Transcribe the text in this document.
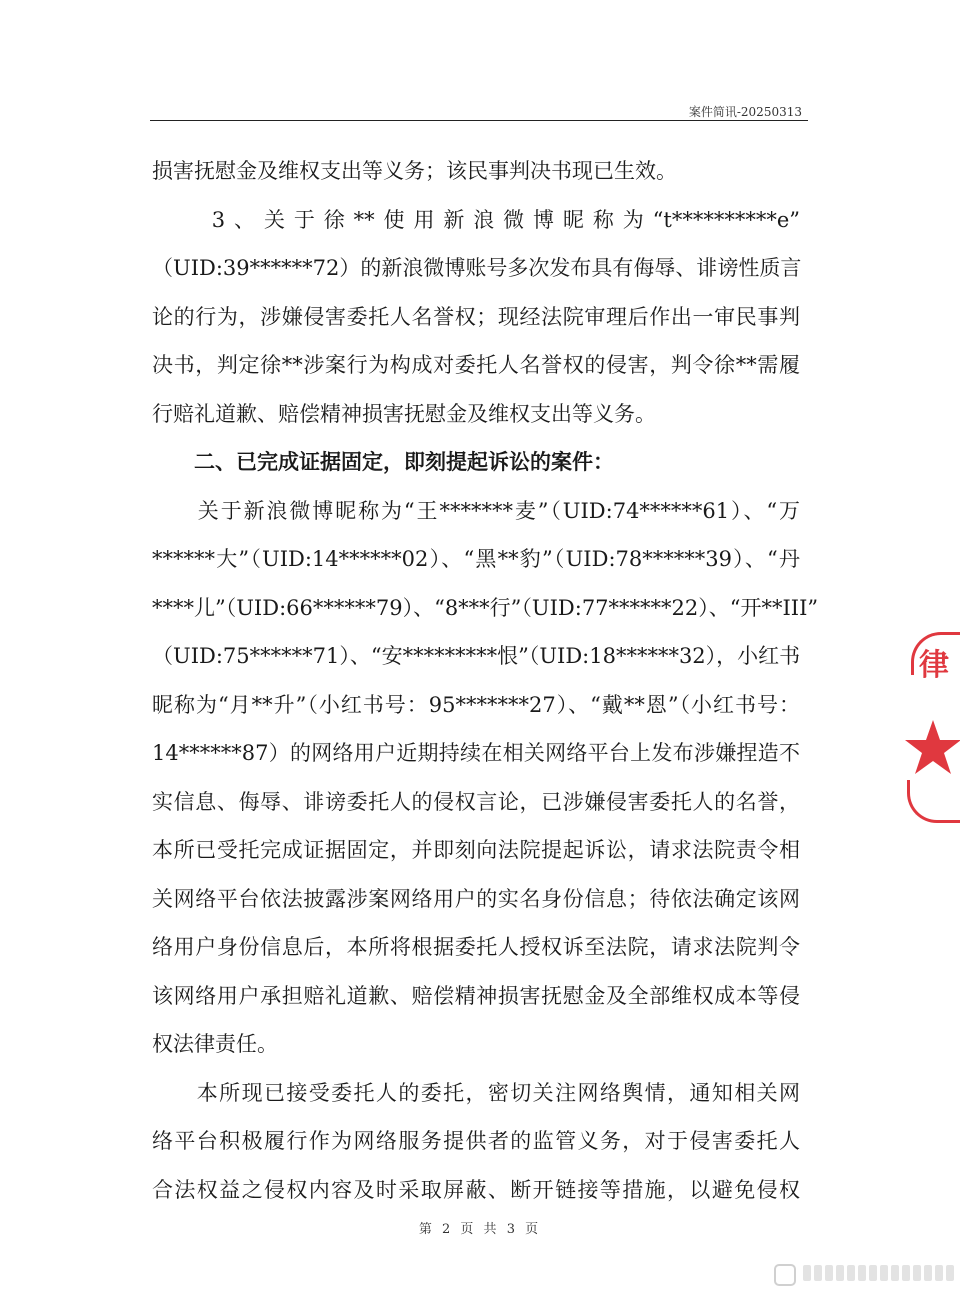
案件简讯-20250313

损害抚慰金及维权支出等义务；该民事判决书现已生效。

　　3、关于徐**使用新浪微博昵称为“t**********e”
（UID:39******72）的新浪微博账号多次发布具有侮辱、诽谤性质言
论的行为，涉嫌侵害委托人名誉权；现经法院审理后作出一审民事判
决书，判定徐**涉案行为构成对委托人名誉权的侵害，判令徐**需履
行赔礼道歉、赔偿精神损害抚慰金及维权支出等义务。

　　二、已完成证据固定，即刻提起诉讼的案件：

　　关于新浪微博昵称为“王*******麦”（UID:74******61）、“万
******大”（UID:14******02）、“黑**豹”（UID:78******39）、“丹
****儿”（UID:66******79）、“8***行”（UID:77******22）、“开**III”
（UID:75******71）、“安*********恨”（UID:18******32），小红书
昵称为“月**升”（小红书号：95*******27）、“戴**恩”（小红书号：
14******87）的网络用户近期持续在相关网络平台上发布涉嫌捏造不
实信息、侮辱、诽谤委托人的侵权言论，已涉嫌侵害委托人的名誉，
本所已受托完成证据固定，并即刻向法院提起诉讼，请求法院责令相
关网络平台依法披露涉案网络用户的实名身份信息；待依法确定该网
络用户身份信息后，本所将根据委托人授权诉至法院，请求法院判令
该网络用户承担赔礼道歉、赔偿精神损害抚慰金及全部维权成本等侵
权法律责任。

　　本所现已接受委托人的委托，密切关注网络舆情，通知相关网
络平台积极履行作为网络服务提供者的监管义务，对于侵害委托人
合法权益之侵权内容及时采取屏蔽、断开链接等措施，以避免侵权

第 2 页 共 3 页
律
